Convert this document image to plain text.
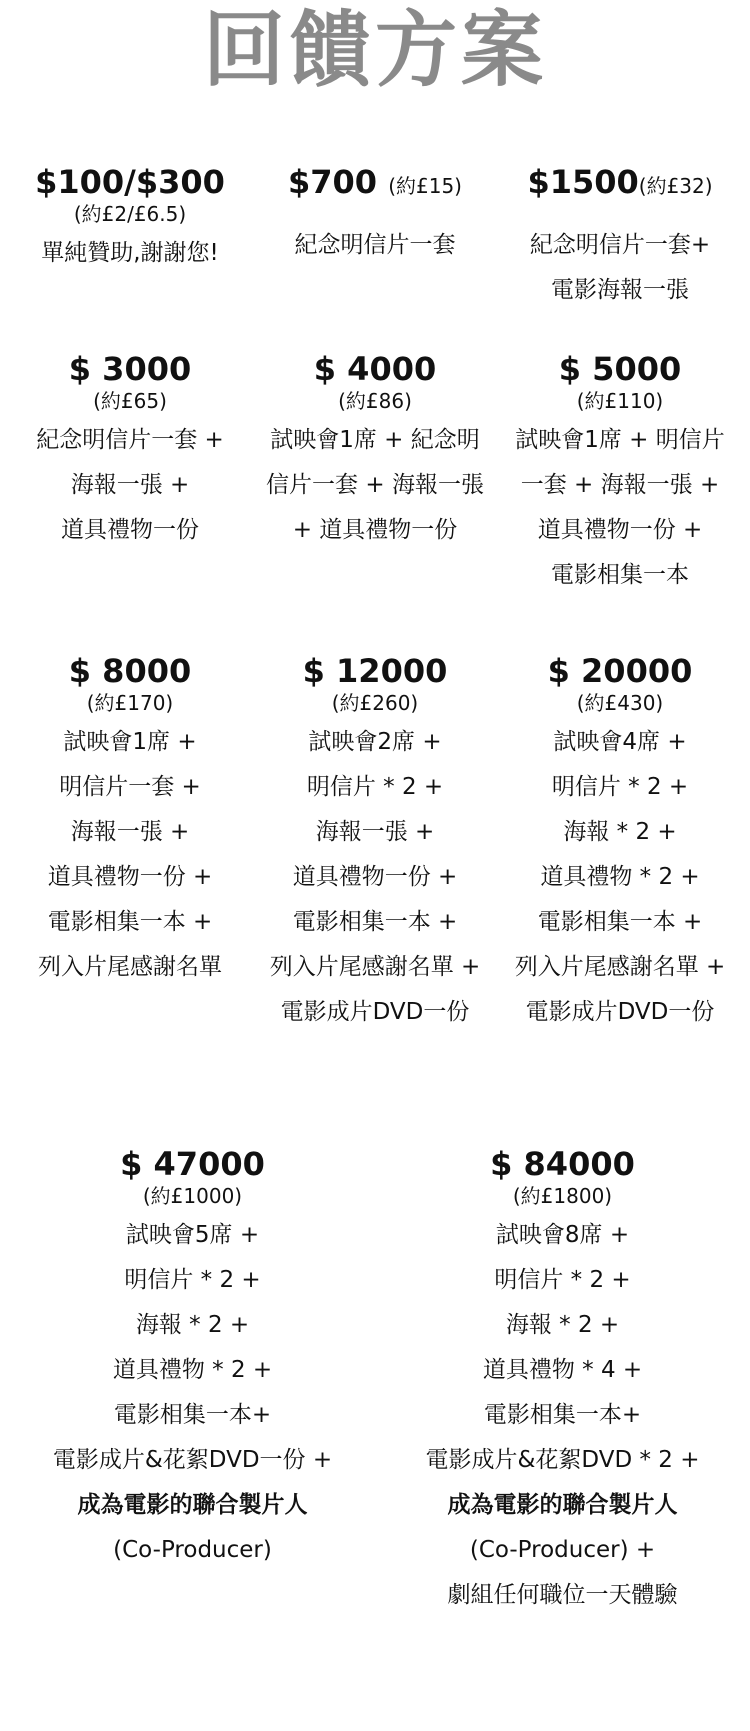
回饋方案
$100/$300
(約£2/£6.5)
單純贊助,謝謝您!
$700 (約£15)
紀念明信片一套
$1500(約£32)
紀念明信片一套+
電影海報一張
$ 3000
(約£65)
紀念明信片一套 +
海報一張 +
道具禮物一份
$ 4000
(約£86)
試映會1席 + 紀念明
信片一套 + 海報一張
+ 道具禮物一份
$ 5000
(約£110)
試映會1席 + 明信片
一套 + 海報一張 +
道具禮物一份 +
電影相集一本
$ 8000
(約£170)
試映會1席 +
明信片一套 +
海報一張 +
道具禮物一份 +
電影相集一本 +
列入片尾感謝名單
$ 12000
(約£260)
試映會2席 +
明信片 * 2 +
海報一張 +
道具禮物一份 +
電影相集一本 +
列入片尾感謝名單 +
電影成片DVD一份
$ 20000
(約£430)
試映會4席 +
明信片 * 2 +
海報 * 2 +
道具禮物 * 2 +
電影相集一本 +
列入片尾感謝名單 +
電影成片DVD一份
$ 47000
(約£1000)
試映會5席 +
明信片 * 2 +
海報 * 2 +
道具禮物 * 2 +
電影相集一本+
電影成片&花絮DVD一份 +
成為電影的聯合製片人
(Co-Producer)
$ 84000
(約£1800)
試映會8席 +
明信片 * 2 +
海報 * 2 +
道具禮物 * 4 +
電影相集一本+
電影成片&花絮DVD * 2 +
成為電影的聯合製片人
(Co-Producer) +
劇組任何職位一天體驗
